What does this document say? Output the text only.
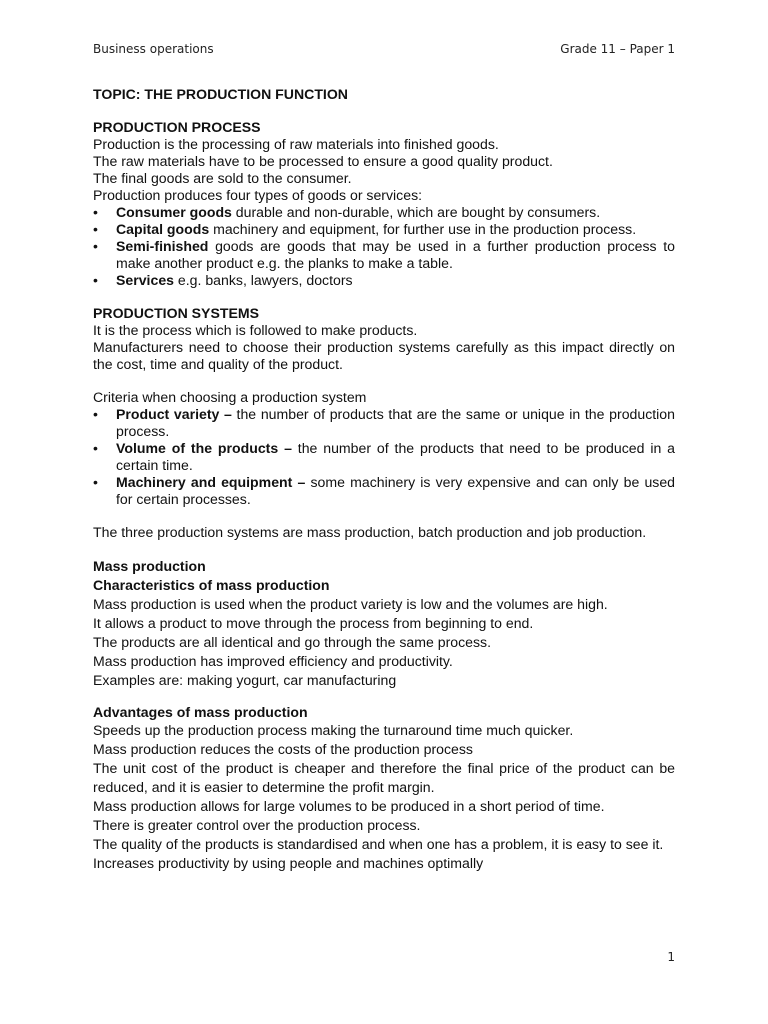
Business operations	Grade 11 – Paper 1

TOPIC: THE PRODUCTION FUNCTION

PRODUCTION PROCESS

Production is the processing of raw materials into finished goods.

The raw materials have to be processed to ensure a good quality product.

The final goods are sold to the consumer.

Production produces four types of goods or services:

• Consumer goods durable and non-durable, which are bought by consumers.
• Capital goods machinery and equipment, for further use in the production process.
• Semi-finished goods are goods that may be used in a further production process to make another product e.g. the planks to make a table.
• Services e.g. banks, lawyers, doctors

PRODUCTION SYSTEMS

It is the process which is followed to make products.

Manufacturers need to choose their production systems carefully as this impact directly on the cost, time and quality of the product.

Criteria when choosing a production system

• Product variety – the number of products that are the same or unique in the production process.
• Volume of the products – the number of the products that need to be produced in a certain time.
• Machinery and equipment – some machinery is very expensive and can only be used for certain processes.

The three production systems are mass production, batch production and job production.

Mass production

Characteristics of mass production

Mass production is used when the product variety is low and the volumes are high.

It allows a product to move through the process from beginning to end.

The products are all identical and go through the same process.

Mass production has improved efficiency and productivity.

Examples are: making yogurt, car manufacturing

Advantages of mass production

Speeds up the production process making the turnaround time much quicker.

Mass production reduces the costs of the production process

The unit cost of the product is cheaper and therefore the final price of the product can be reduced, and it is easier to determine the profit margin.

Mass production allows for large volumes to be produced in a short period of time.

There is greater control over the production process.

The quality of the products is standardised and when one has a problem, it is easy to see it.

Increases productivity by using people and machines optimally

1
